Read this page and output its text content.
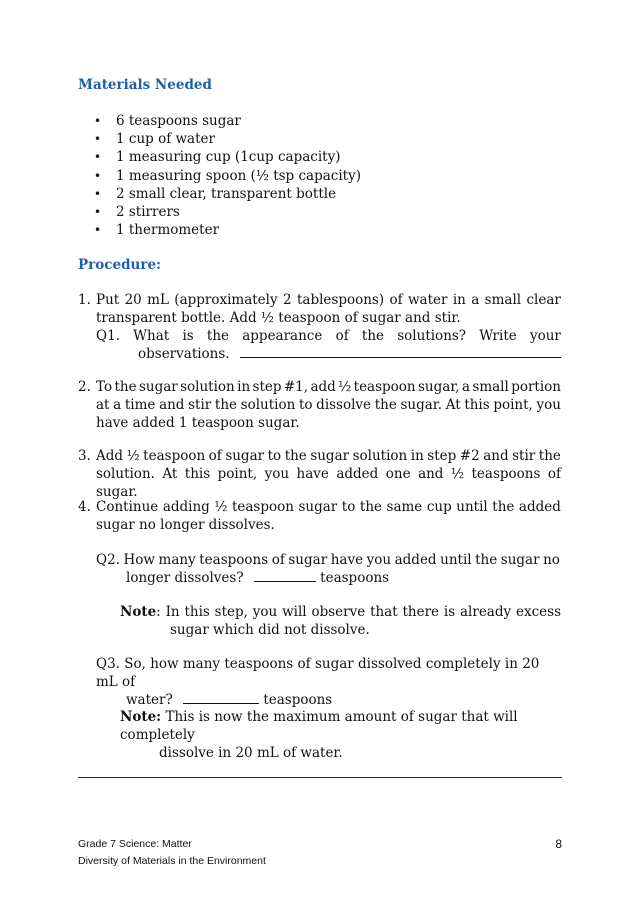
Materials Needed
• 6 teaspoons sugar
• 1 cup of water
• 1 measuring cup (1cup capacity)
• 1 measuring spoon (½ tsp capacity)
• 2 small clear, transparent bottle
• 2 stirrers
• 1 thermometer
Procedure:
1. Put 20 mL (approximately 2 tablespoons) of water in a small clear
transparent bottle. Add ½ teaspoon of sugar and stir.
Q1. What is the appearance of the solutions? Write your
observations.
2. To the sugar solution in step #1, add ½ teaspoon sugar, a small portion
at a time and stir the solution to dissolve the sugar. At this point, you
have added 1 teaspoon sugar.
3. Add ½ teaspoon of sugar to the sugar solution in step #2 and stir the
solution. At this point, you have added one and ½ teaspoons of sugar.
4. Continue adding ½ teaspoon sugar to the same cup until the added
sugar no longer dissolves.
Q2. How many teaspoons of sugar have you added until the sugar no
longer dissolves?	teaspoons
Note : In this step, you will observe that there is already excess
sugar which did not dissolve.
Q3. So, how many teaspoons of sugar dissolved completely in 20 mL of
water?	teaspoons
Note: This is now the maximum amount of sugar that will completely
dissolve in 20 mL of water.
Grade 7 Science: Matter
Diversity of Materials in the Environment
8
